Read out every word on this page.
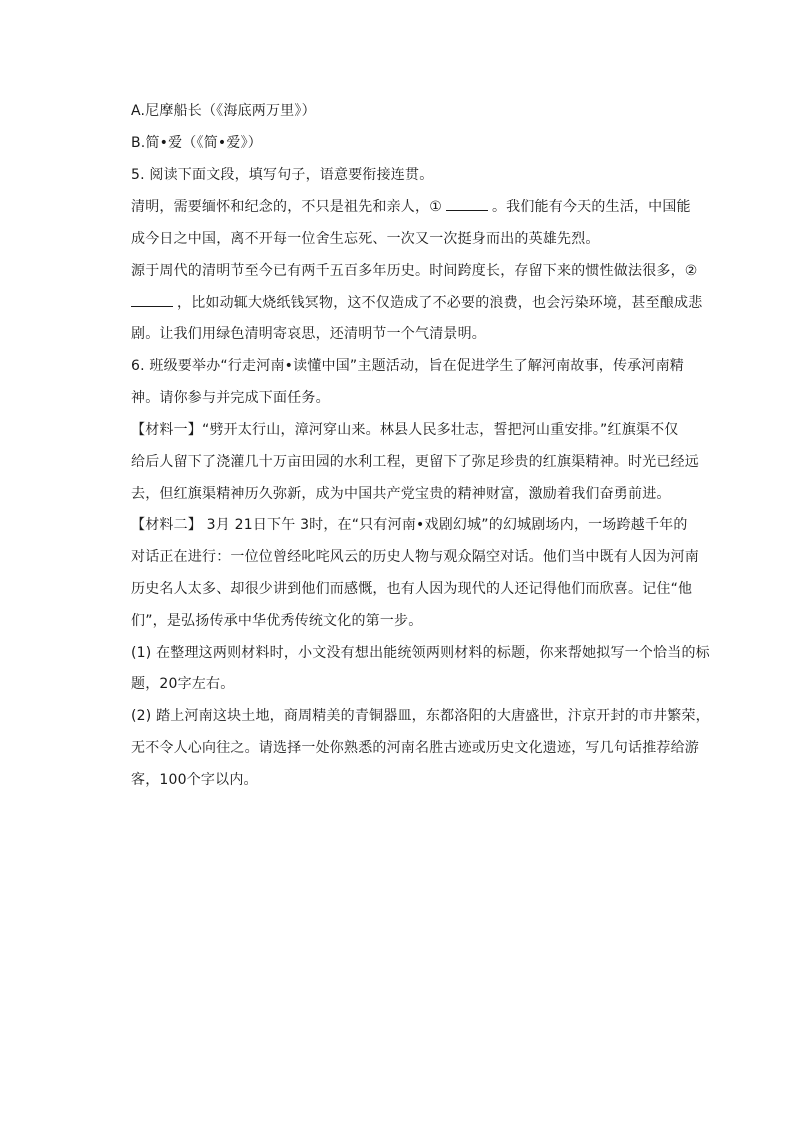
A.尼摩船长（《海底两万里》）
B.简•爱（《简•爱》）
5. 阅读下面文段，填写句子，语意要衔接连贯。
清明，需要缅怀和纪念的，不只是祖先和亲人，①	。我们能有今天的生活，中国能
成今日之中国，离不开每一位舍生忘死、一次又一次挺身而出的英雄先烈。
源于周代的清明节至今已有两千五百多年历史。时间跨度长，存留下来的惯性做法很多，②
，比如动辄大烧纸钱冥物，这不仅造成了不必要的浪费，也会污染环境，甚至酿成悲
剧。让我们用绿色清明寄哀思，还清明节一个气清景明。
6. 班级要举办“行走河南•读懂中国”主题活动，旨在促进学生了解河南故事，传承河南精
神。请你参与并完成下面任务。
【材料一】“劈开太行山，漳河穿山来。林县人民多壮志，誓把河山重安排。”红旗渠不仅
给后人留下了浇灌几十万亩田园的水利工程，更留下了弥足珍贵的红旗渠精神。时光已经远
去，但红旗渠精神历久弥新，成为中国共产党宝贵的精神财富，激励着我们奋勇前进。
【材料二】 3月 21日下午 3时，在“只有河南•戏剧幻城”的幻城剧场内，一场跨越千年的
对话正在进行：一位位曾经叱咤风云的历史人物与观众隔空对话。他们当中既有人因为河南
历史名人太多、却很少讲到他们而感慨，也有人因为现代的人还记得他们而欣喜。记住“他
们”，是弘扬传承中华优秀传统文化的第一步。
(1) 在整理这两则材料时，小文没有想出能统领两则材料的标题，你来帮她拟写一个恰当的标
题，20字左右。
(2) 踏上河南这块土地，商周精美的青铜器皿，东都洛阳的大唐盛世，汴京开封的市井繁荣，
无不令人心向往之。请选择一处你熟悉的河南名胜古迹或历史文化遗迹，写几句话推荐给游
客，100个字以内。
